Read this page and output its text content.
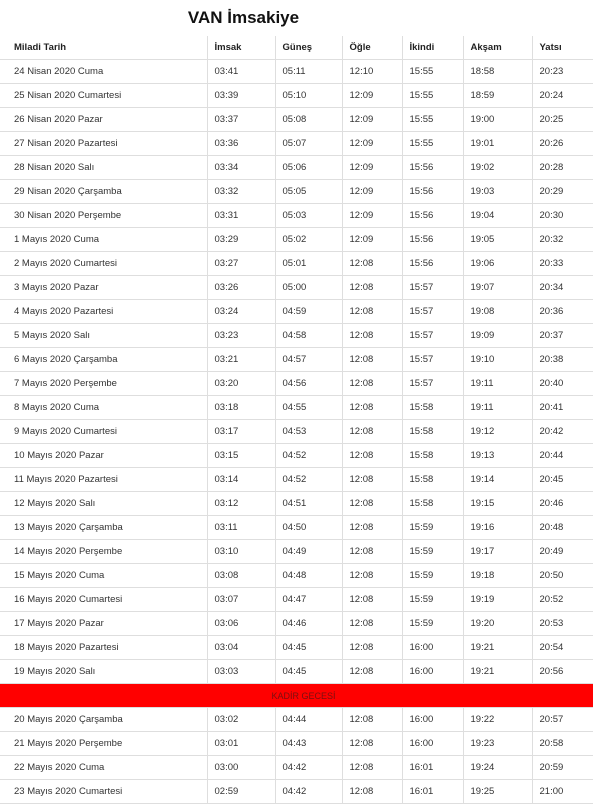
VAN İmsakiye
Miladi Tarih	İmsak	Güneş	Öğle	İkindi	Akşam	Yatsı
24 Nisan 2020 Cuma	03:41	05:11	12:10	15:55	18:58	20:23
25 Nisan 2020 Cumartesi	03:39	05:10	12:09	15:55	18:59	20:24
26 Nisan 2020 Pazar	03:37	05:08	12:09	15:55	19:00	20:25
27 Nisan 2020 Pazartesi	03:36	05:07	12:09	15:55	19:01	20:26
28 Nisan 2020 Salı	03:34	05:06	12:09	15:56	19:02	20:28
29 Nisan 2020 Çarşamba	03:32	05:05	12:09	15:56	19:03	20:29
30 Nisan 2020 Perşembe	03:31	05:03	12:09	15:56	19:04	20:30
1 Mayıs 2020 Cuma	03:29	05:02	12:09	15:56	19:05	20:32
2 Mayıs 2020 Cumartesi	03:27	05:01	12:08	15:56	19:06	20:33
3 Mayıs 2020 Pazar	03:26	05:00	12:08	15:57	19:07	20:34
4 Mayıs 2020 Pazartesi	03:24	04:59	12:08	15:57	19:08	20:36
5 Mayıs 2020 Salı	03:23	04:58	12:08	15:57	19:09	20:37
6 Mayıs 2020 Çarşamba	03:21	04:57	12:08	15:57	19:10	20:38
7 Mayıs 2020 Perşembe	03:20	04:56	12:08	15:57	19:11	20:40
8 Mayıs 2020 Cuma	03:18	04:55	12:08	15:58	19:11	20:41
9 Mayıs 2020 Cumartesi	03:17	04:53	12:08	15:58	19:12	20:42
10 Mayıs 2020 Pazar	03:15	04:52	12:08	15:58	19:13	20:44
11 Mayıs 2020 Pazartesi	03:14	04:52	12:08	15:58	19:14	20:45
12 Mayıs 2020 Salı	03:12	04:51	12:08	15:58	19:15	20:46
13 Mayıs 2020 Çarşamba	03:11	04:50	12:08	15:59	19:16	20:48
14 Mayıs 2020 Perşembe	03:10	04:49	12:08	15:59	19:17	20:49
15 Mayıs 2020 Cuma	03:08	04:48	12:08	15:59	19:18	20:50
16 Mayıs 2020 Cumartesi	03:07	04:47	12:08	15:59	19:19	20:52
17 Mayıs 2020 Pazar	03:06	04:46	12:08	15:59	19:20	20:53
18 Mayıs 2020 Pazartesi	03:04	04:45	12:08	16:00	19:21	20:54
19 Mayıs 2020 Salı	03:03	04:45	12:08	16:00	19:21	20:56
KADİR GECESİ						
20 Mayıs 2020 Çarşamba	03:02	04:44	12:08	16:00	19:22	20:57
21 Mayıs 2020 Perşembe	03:01	04:43	12:08	16:00	19:23	20:58
22 Mayıs 2020 Cuma	03:00	04:42	12:08	16:01	19:24	20:59
23 Mayıs 2020 Cumartesi	02:59	04:42	12:08	16:01	19:25	21:00
